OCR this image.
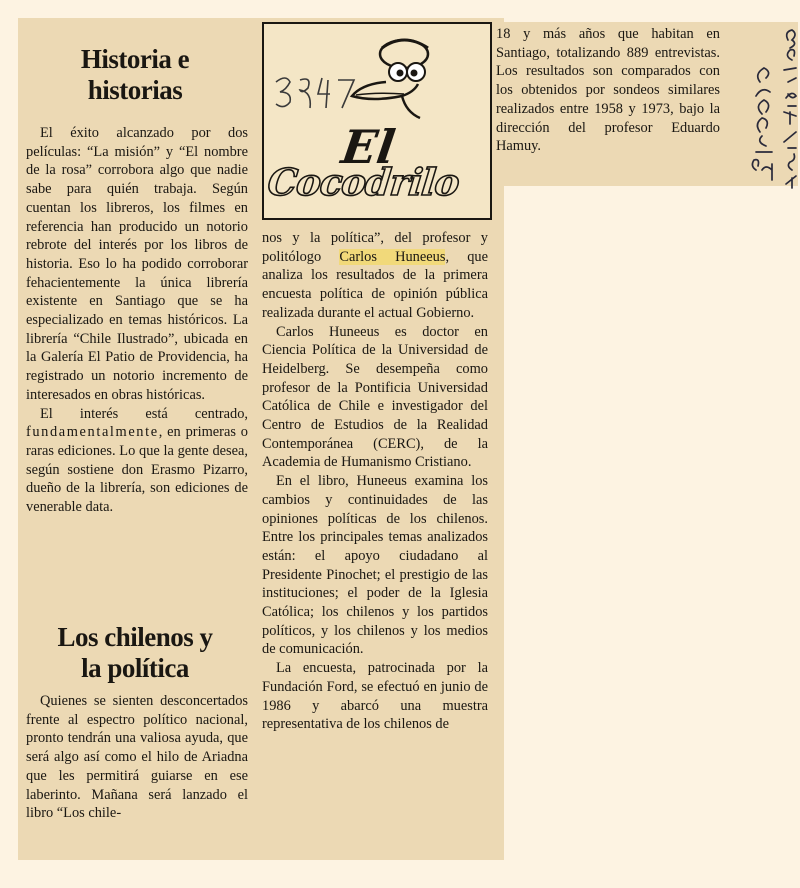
Historia e
historias

El éxito alcanzado por dos películas: “La misión” y “El nombre de la rosa” corrobora algo que nadie sabe para quién trabaja. Según cuentan los libreros, los filmes en referencia han producido un notorio rebrote del interés por los libros de historia. Eso lo ha podido corroborar fehacientemente la única librería existente en Santiago que se ha especializado en temas históricos. La librería “Chile Ilustrado”, ubicada en la Galería El Patio de Providencia, ha registrado un notorio incremento de interesados en obras históricas.

El interés está centrado, fundamentalmente, en primeras o raras ediciones. Lo que la gente desea, según sostiene don Erasmo Pizarro, dueño de la librería, son ediciones de venerable data.

Los chilenos y
la política

Quienes se sienten desconcertados frente al espectro político nacional, pronto tendrán una valiosa ayuda, que será algo así como el hilo de Ariadna que les permitirá guiarse en ese laberinto. Mañana será lanzado el libro “Los chile-

El
Cocodrilo

nos y la política”, del profesor y politólogo Carlos Huneeus, que analiza los resultados de la primera encuesta política de opinión pública realizada durante el actual Gobierno.

Carlos Huneeus es doctor en Ciencia Política de la Universidad de Heidelberg. Se desempeña como profesor de la Pontificia Universidad Católica de Chile e investigador del Centro de Estudios de la Realidad Contemporánea (CERC), de la Academia de Humanismo Cristiano.

En el libro, Huneeus examina los cambios y continuidades de las opiniones políticas de los chilenos. Entre los principales temas analizados están: el apoyo ciudadano al Presidente Pinochet; el prestigio de las instituciones; el poder de la Iglesia Católica; los chilenos y los partidos políticos, y los chilenos y los medios de comunicación.

La encuesta, patrocinada por la Fundación Ford, se efectuó en junio de 1986 y abarcó una muestra representativa de los chilenos de

18 y más años que habitan en Santiago, totalizando 889 entrevistas. Los resultados son comparados con los obtenidos por sondeos similares realizados entre 1958 y 1973, bajo la dirección del profesor Eduardo Hamuy.
